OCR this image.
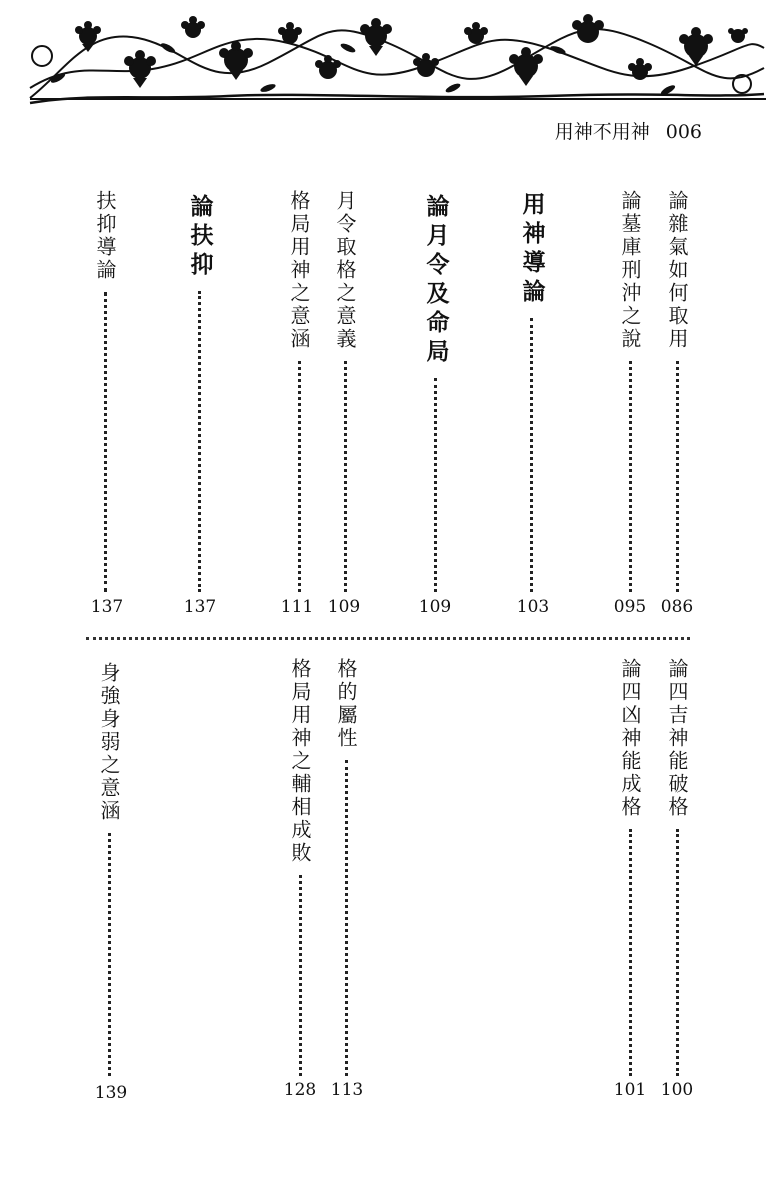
用神不用神 006
論雜氣如何取用
086
論墓庫刑沖之說
095
用神導論
103
論月令及命局
109
月令取格之意義
109
格局用神之意涵
111
論扶抑
137
扶抑導論
137
論四吉神能破格
100
論四凶神能成格
101
格的屬性
113
格局用神之輔相成敗
128
身強身弱之意涵
139
